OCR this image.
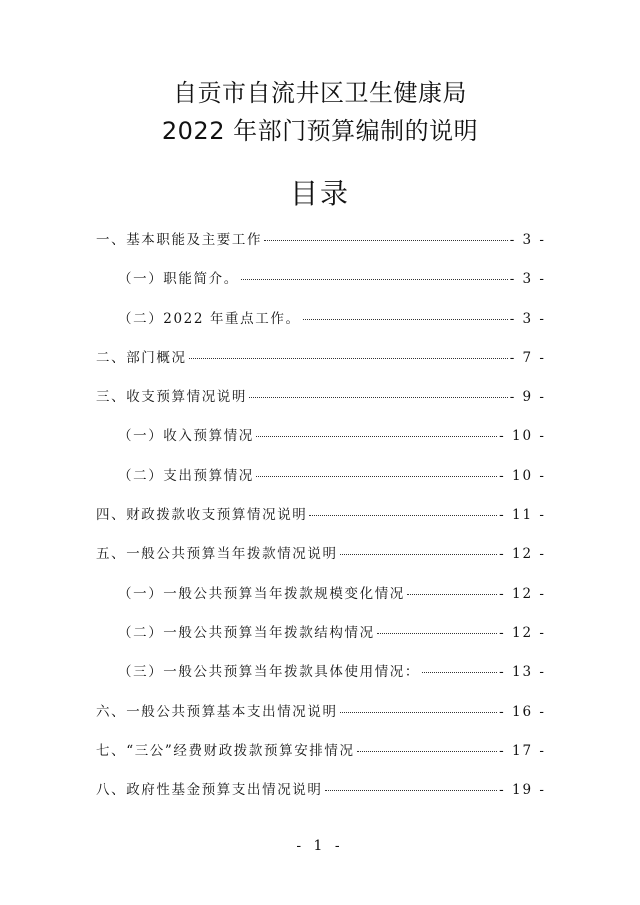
自贡市自流井区卫生健康局
2022 年部门预算编制的说明
目录
一、基本职能及主要工作	- 3 -
（一）职能简介。	- 3 -
（二）2022 年重点工作。	- 3 -
二、部门概况	- 7 -
三、收支预算情况说明	- 9 -
（一）收入预算情况	- 10 -
（二）支出预算情况	- 10 -
四、财政拨款收支预算情况说明	- 11 -
五、一般公共预算当年拨款情况说明	- 12 -
（一）一般公共预算当年拨款规模变化情况	- 12 -
（二）一般公共预算当年拨款结构情况	- 12 -
（三）一般公共预算当年拨款具体使用情况：	- 13 -
六、一般公共预算基本支出情况说明	- 16 -
七、“三公”经费财政拨款预算安排情况	- 17 -
八、政府性基金预算支出情况说明	- 19 -
- 1 -
